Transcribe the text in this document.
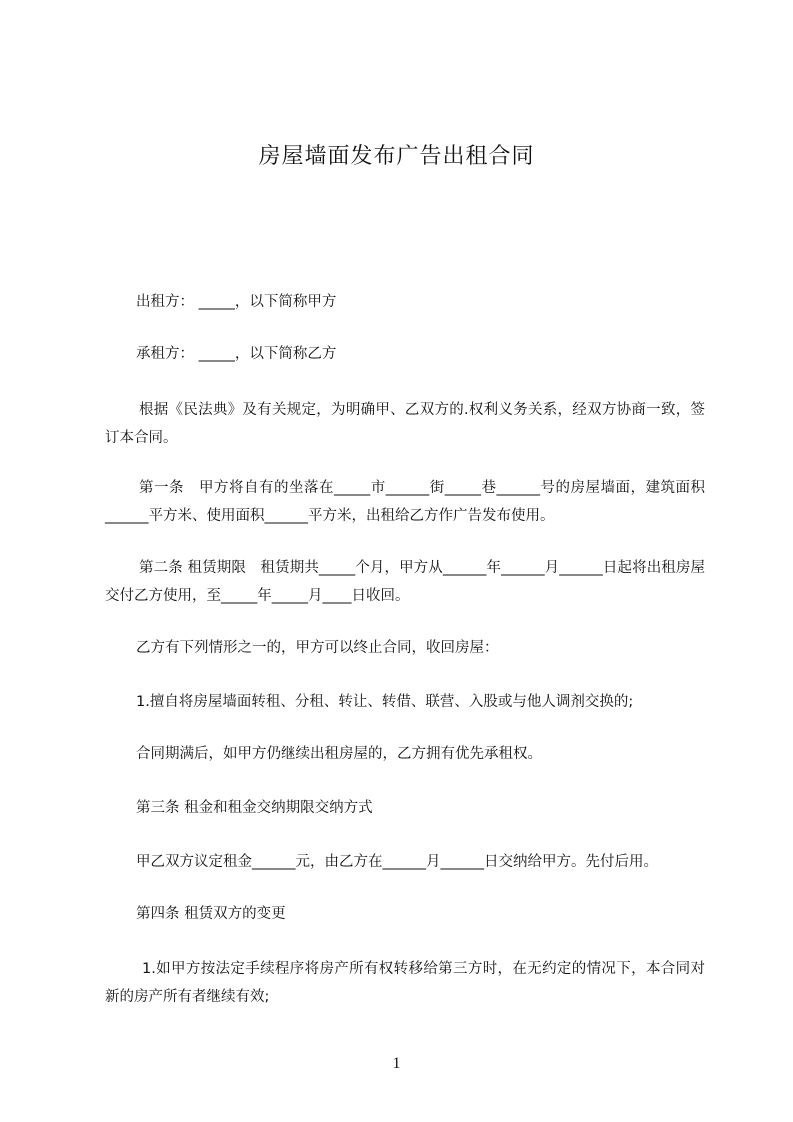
房屋墙面发布广告出租合同
出租方： _____，以下简称甲方
承租方： _____，以下简称乙方
根据《民法典》及有关规定，为明确甲、乙双方的.权利义务关系，经双方协商一致，签订本合同。
第一条　甲方将自有的坐落在_____市______街_____巷______号的房屋墙面，建筑面积______平方米、使用面积______平方米，出租给乙方作广告发布使用。
第二条 租赁期限　租赁期共_____个月，甲方从______年______月______日起将出租房屋交付乙方使用，至_____年_____月____日收回。
乙方有下列情形之一的，甲方可以终止合同，收回房屋：
1.擅自将房屋墙面转租、分租、转让、转借、联营、入股或与他人调剂交换的;
合同期满后，如甲方仍继续出租房屋的，乙方拥有优先承租权。
第三条 租金和租金交纳期限交纳方式
甲乙双方议定租金______元，由乙方在______月______日交纳给甲方。先付后用。
第四条 租赁双方的变更
1.如甲方按法定手续程序将房产所有权转移给第三方时，在无约定的情况下，本合同对新的房产所有者继续有效;
1
